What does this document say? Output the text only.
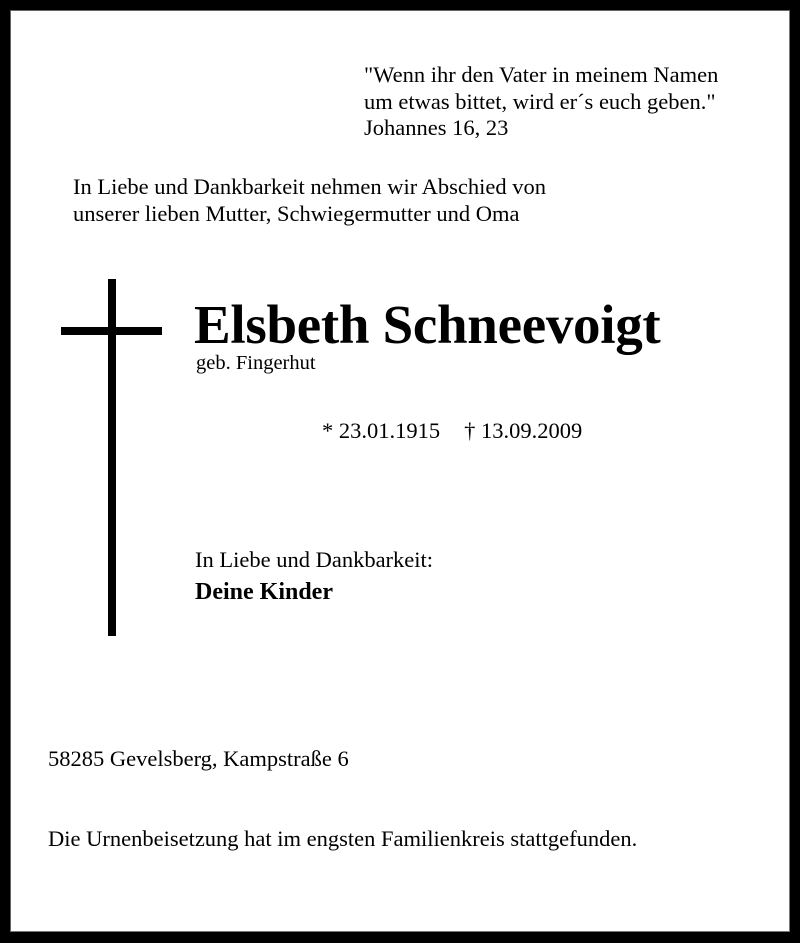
"Wenn ihr den Vater in meinem Namen
um etwas bittet, wird er´s euch geben."
Johannes 16, 23
In Liebe und Dankbarkeit nehmen wir Abschied von
unserer lieben Mutter, Schwiegermutter und Oma
Elsbeth Schneevoigt
geb. Fingerhut
* 23.01.1915 † 13.09.2009
In Liebe und Dankbarkeit:
Deine Kinder
58285 Gevelsberg, Kampstraße 6
Die Urnenbeisetzung hat im engsten Familienkreis stattgefunden.
